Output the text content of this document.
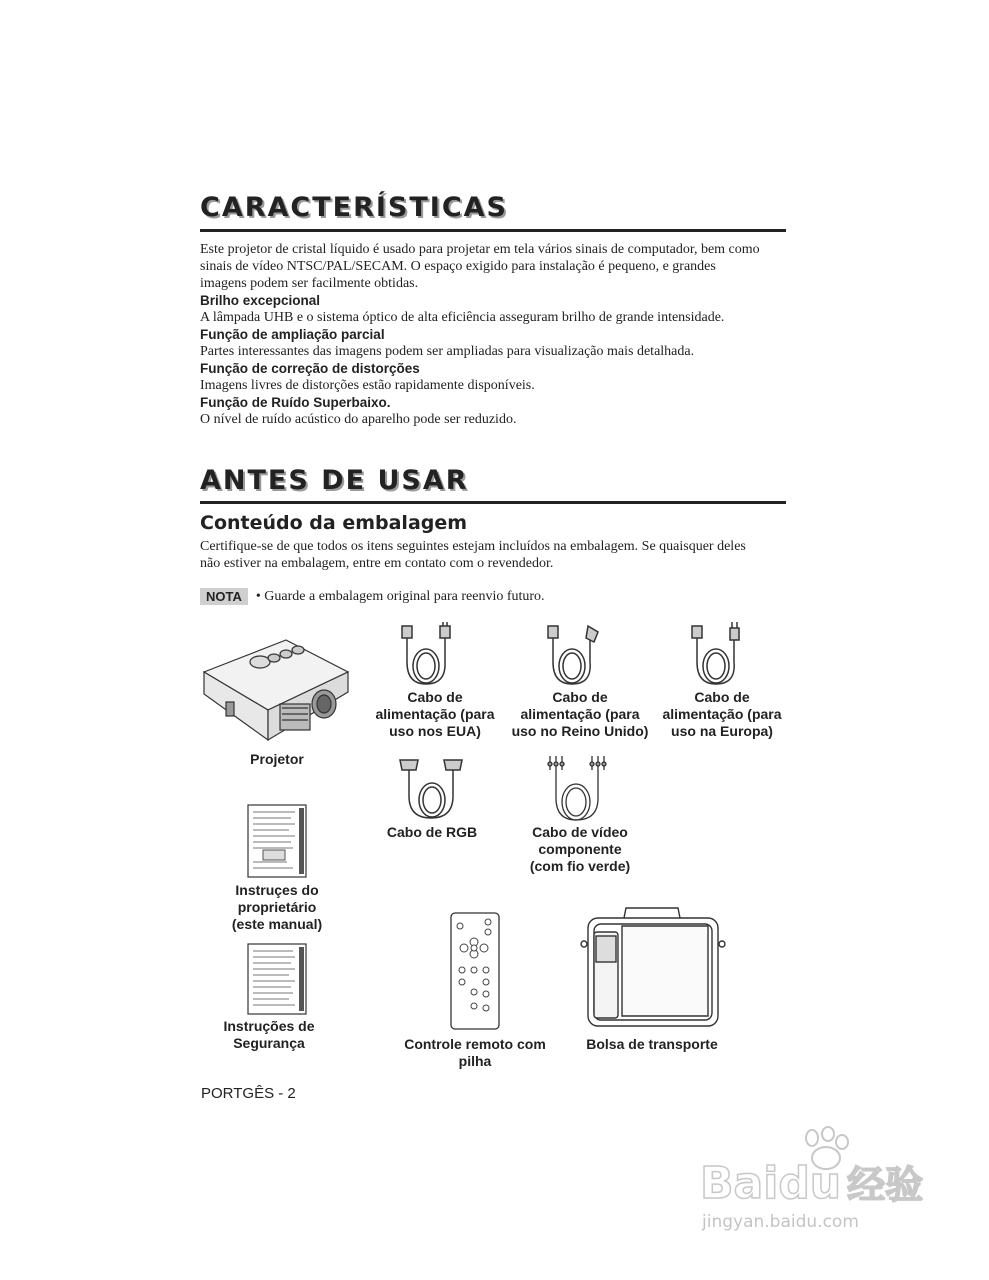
CARACTERÍSTICAS
Este projetor de cristal líquido é usado para projetar em tela vários sinais de computador, bem como
sinais de vídeo NTSC/PAL/SECAM. O espaço exigido para instalação é pequeno, e grandes
imagens podem ser facilmente obtidas.
Brilho excepcional
A lâmpada UHB e o sistema óptico de alta eficiência asseguram brilho de grande intensidade.
Função de ampliação parcial
Partes interessantes das imagens podem ser ampliadas para visualização mais detalhada.
Função de correção de distorções
Imagens livres de distorções estão rapidamente disponíveis.
Função de Ruído Superbaixo.
O nível de ruído acústico do aparelho pode ser reduzido.
ANTES DE USAR
Conteúdo da embalagem
Certifique-se de que todos os itens seguintes estejam incluídos na embalagem. Se quaisquer deles
não estiver na embalagem, entre em contato com o revendedor.
NOTA	• Guarde a embalagem original para reenvio futuro.
Cabo de
alimentação (para
uso nos EUA)
Cabo de
alimentação (para
uso no Reino Unido)
Cabo de
alimentação (para
uso na Europa)
Projetor
Cabo de RGB	Cabo de vídeo
componente
(com fio verde)
Instruçes do
proprietário
(este manual)
Instruções de
Segurança	Controle remoto com
pilha
Bolsa de transporte
PORTGÊS - 2
Bai du 经验
jingyan.baidu.com
